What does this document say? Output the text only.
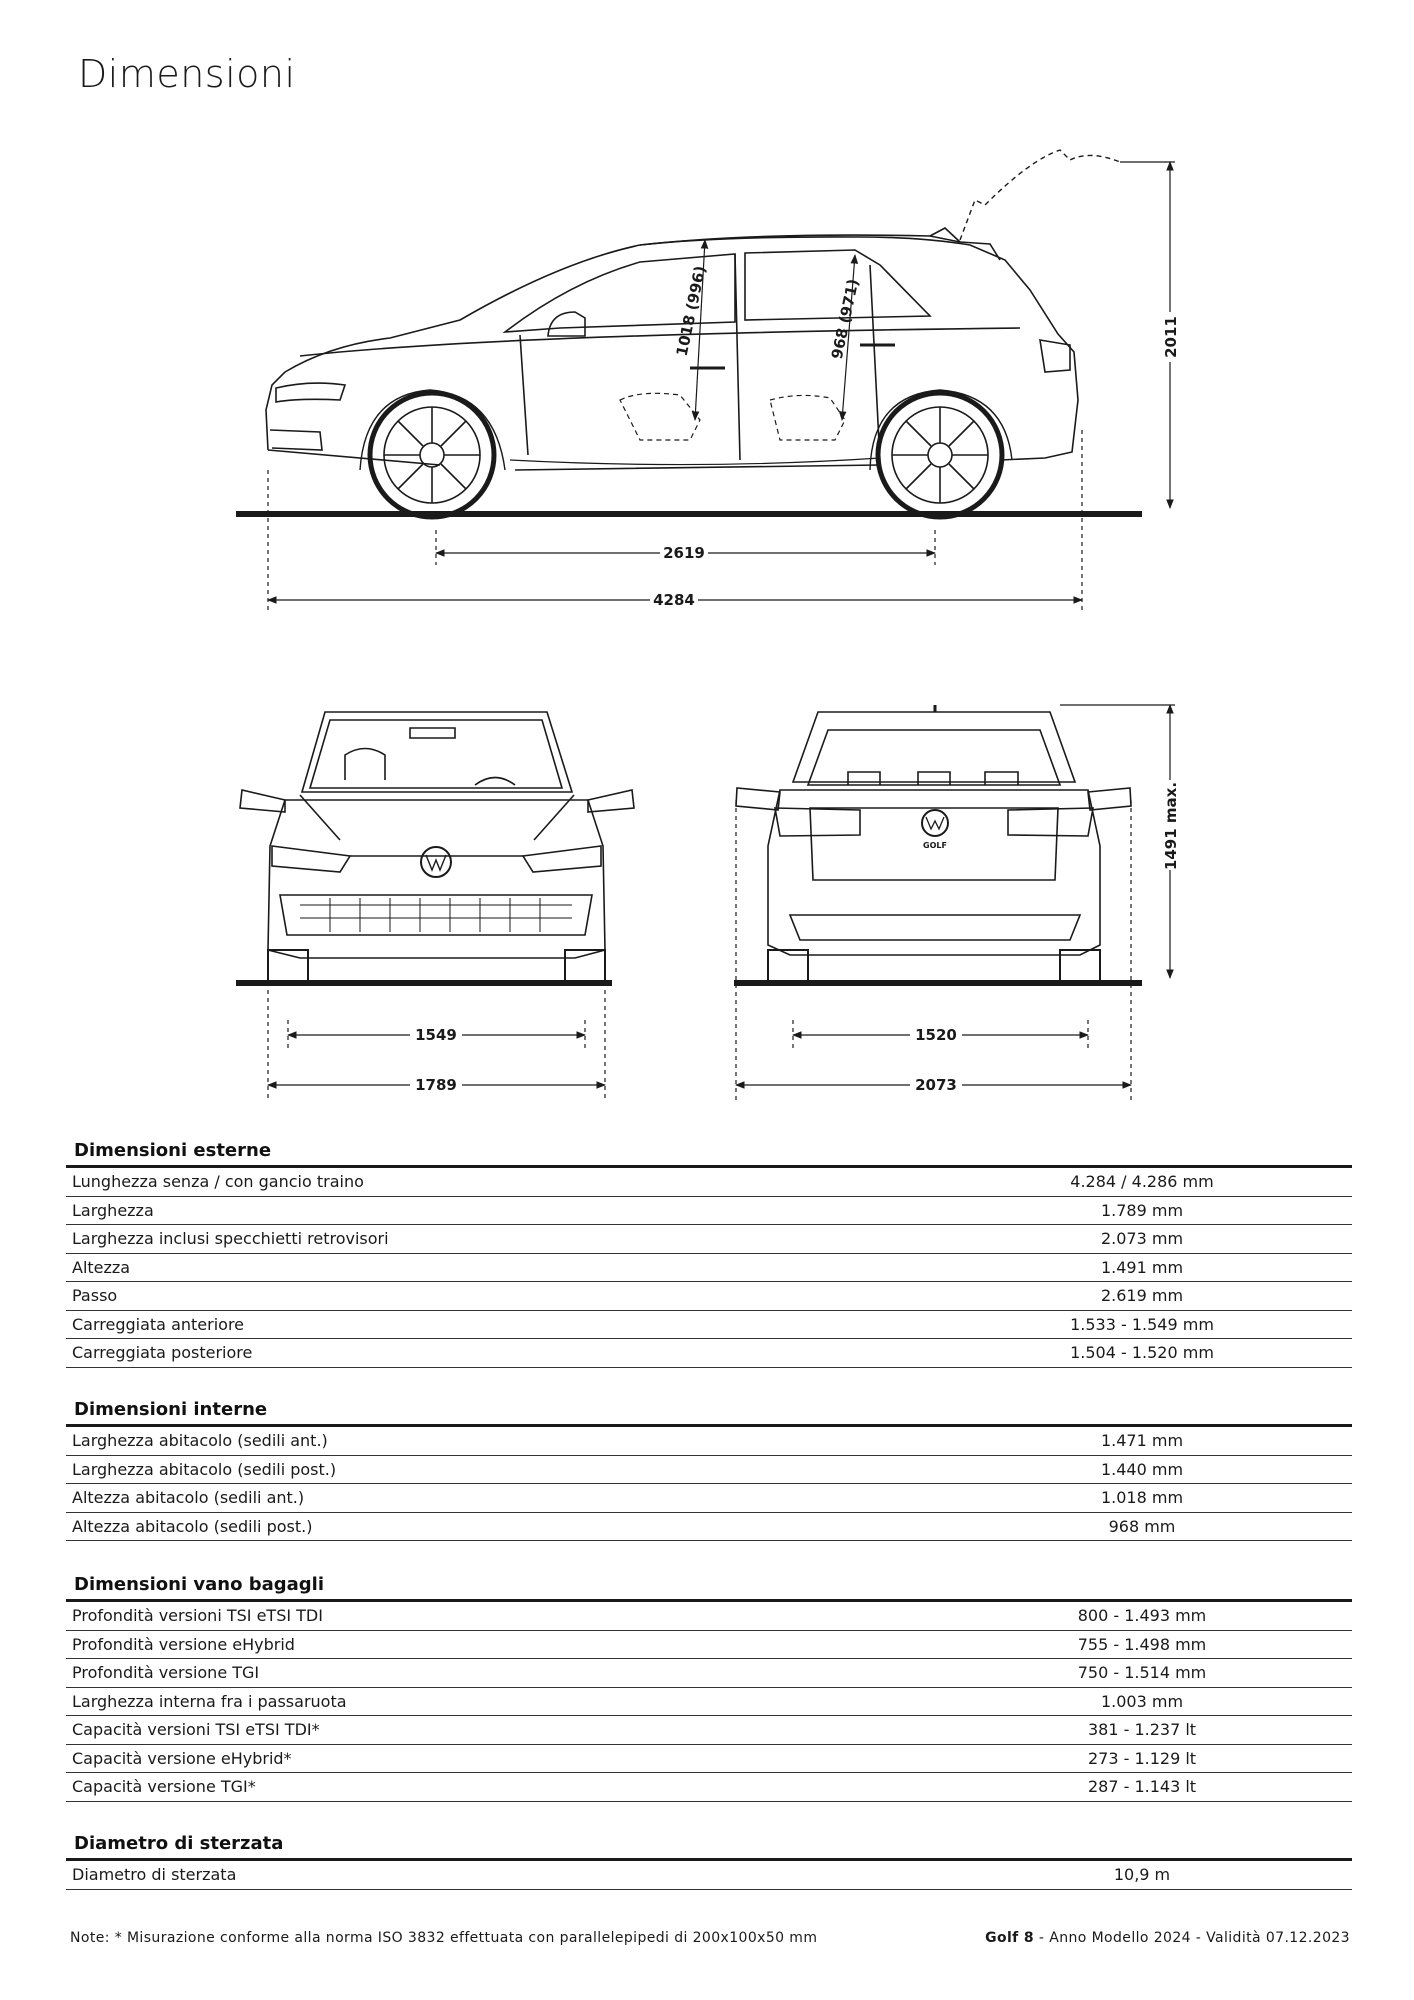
Dimensioni
2619
4284
2011
1018 (996)	968 (971)
1549
1789
GOLF
1520
2073
1491 max.
Dimensioni esterne
Lunghezza senza / con gancio traino	4.284 / 4.286 mm
Larghezza	1.789 mm
Larghezza inclusi specchietti retrovisori	2.073 mm
Altezza	1.491 mm
Passo	2.619 mm
Carreggiata anteriore	1.533 - 1.549 mm
Carreggiata posteriore	1.504 - 1.520 mm
Dimensioni interne
Larghezza abitacolo (sedili ant.)	1.471 mm
Larghezza abitacolo (sedili post.)	1.440 mm
Altezza abitacolo (sedili ant.)	1.018 mm
Altezza abitacolo (sedili post.)	968 mm
Dimensioni vano bagagli
Profondità versioni TSI eTSI TDI	800 - 1.493 mm
Profondità versione eHybrid	755 - 1.498 mm
Profondità versione TGI	750 - 1.514 mm
Larghezza interna fra i passaruota	1.003 mm
Capacità versioni TSI eTSI TDI*	381 - 1.237 lt
Capacità versione eHybrid*	273 - 1.129 lt
Capacità versione TGI*	287 - 1.143 lt
Diametro di sterzata
Diametro di sterzata	10,9 m
Note: * Misurazione conforme alla norma ISO 3832 effettuata con parallelepipedi di 200x100x50 mm	Golf 8 - Anno Modello 2024 - Validità 07.12.2023
